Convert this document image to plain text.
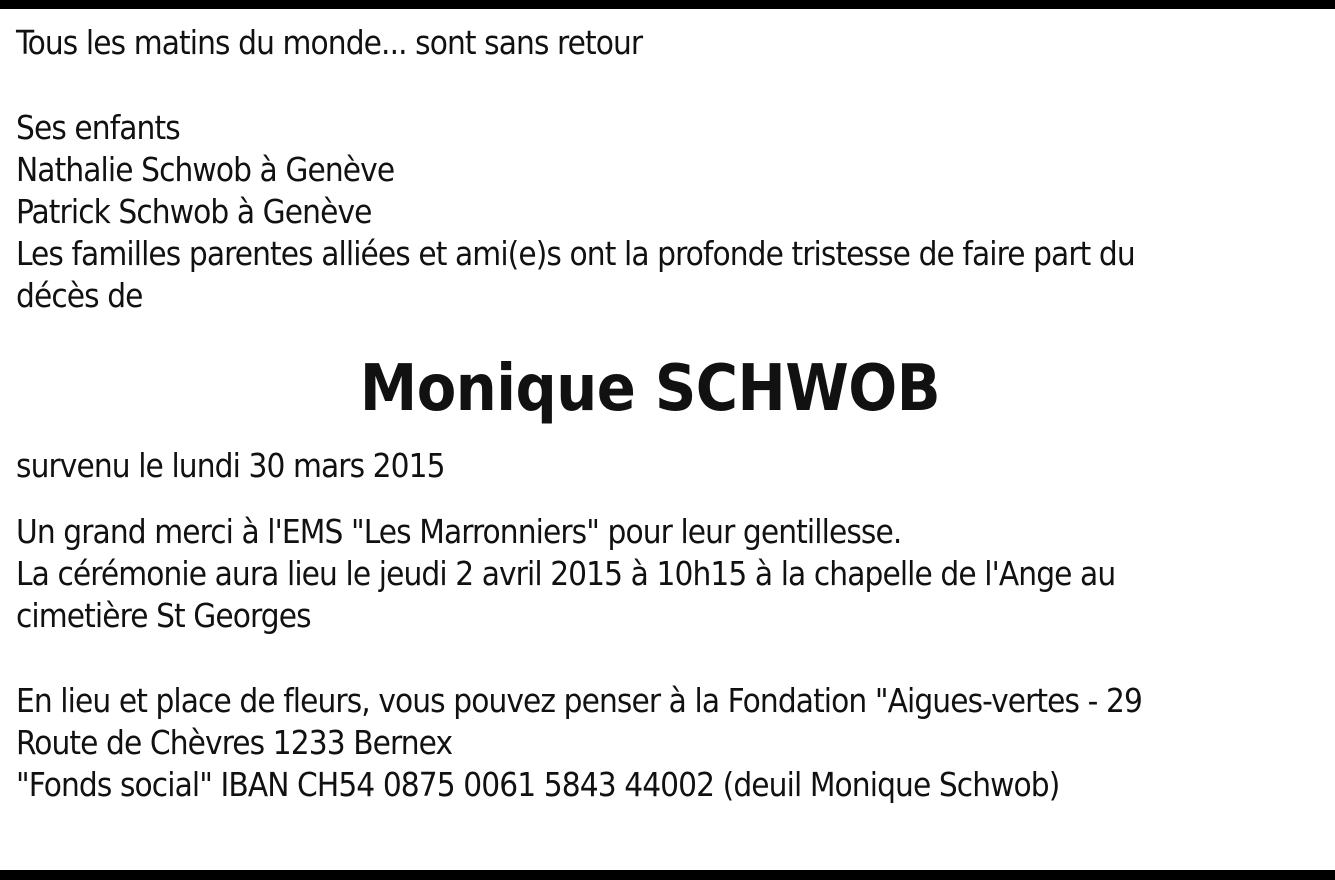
Tous les matins du monde... sont sans retour
Ses enfants
Nathalie Schwob à Genève
Patrick Schwob à Genève
Les familles parentes alliées et ami(e)s ont la profonde tristesse de faire part du
décès de
Monique SCHWOB
survenu le lundi 30 mars 2015
Un grand merci à l'EMS "Les Marronniers" pour leur gentillesse.
La cérémonie aura lieu le jeudi 2 avril 2015 à 10h15 à la chapelle de l'Ange au
cimetière St Georges
En lieu et place de fleurs, vous pouvez penser à la Fondation "Aigues-vertes - 29
Route de Chèvres 1233 Bernex
"Fonds social" IBAN CH54 0875 0061 5843 44002 (deuil Monique Schwob)
